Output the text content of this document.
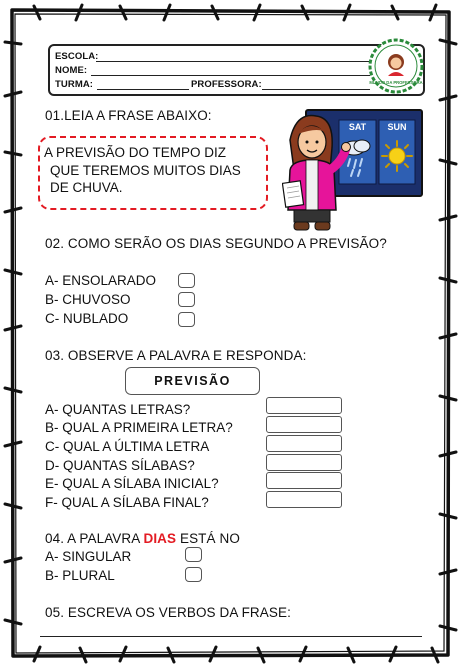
ESCOLA:
NOME:
TURMA:	PROFESSORA:	MUNDO DA PROFESSORA
01.LEIA A FRASE ABAIXO:
A PREVISÃO DO TEMPO DIZ
QUE TEREMOS MUITOS DIAS
DE CHUVA.
SAT SUN
02. COMO SERÃO OS DIAS SEGUNDO A PREVISÃO?
A- ENSOLARADO
B- CHUVOSO
C- NUBLADO
03. OBSERVE A PALAVRA E RESPONDA:
PREVISÃO
A- QUANTAS LETRAS?
B- QUAL A PRIMEIRA LETRA?
C- QUAL A ÚLTIMA LETRA
D- QUANTAS SÍLABAS?
E- QUAL A SÍLABA INICIAL?
F- QUAL A SÍLABA FINAL?
04. A PALAVRA DIAS ESTÁ NO
A- SINGULAR
B- PLURAL
05. ESCREVA OS VERBOS DA FRASE:
